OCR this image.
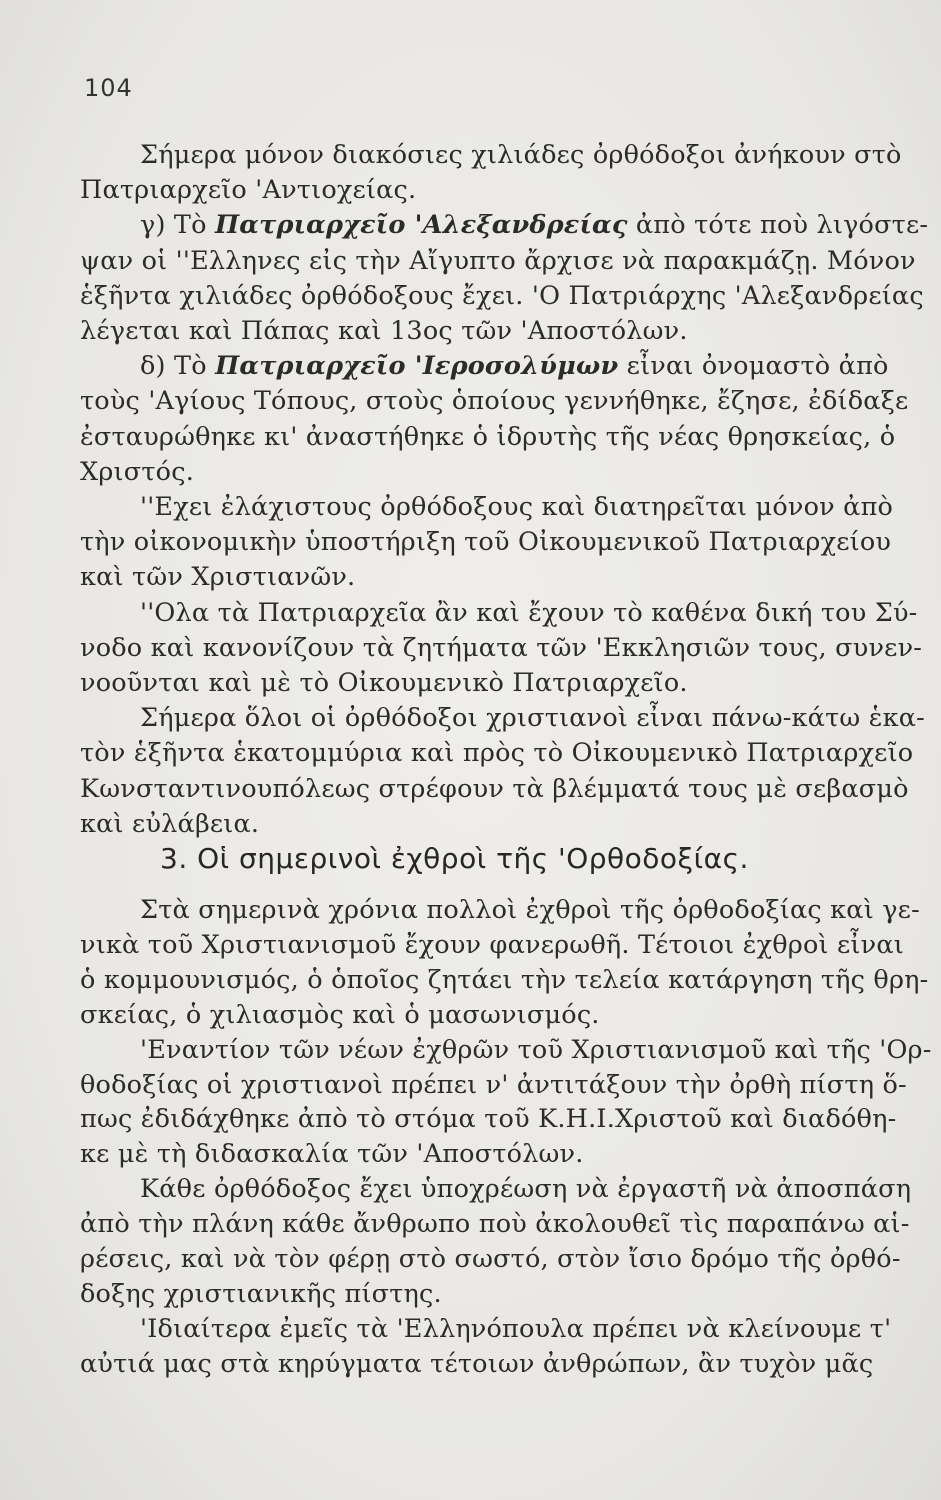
104
Σήμερα μόνον διακόσιες χιλιάδες ὀρθόδοξοι ἀνήκουν στὸ
Πατριαρχεῖο 'Αντιοχείας.
γ) Τὸ Πατριαρχεῖο 'Αλεξανδρείας ἀπὸ τότε ποὺ λιγόστε-
ψαν οἱ ''Ελληνες εἰς τὴν Αἴγυπτο ἄρχισε νὰ παρακμάζῃ. Μόνον
ἑξῆντα χιλιάδες ὀρθόδοξους ἔχει. 'Ο Πατριάρχης 'Αλεξανδρείας
λέγεται καὶ Πάπας καὶ 13ος τῶν 'Αποστόλων.
δ) Τὸ Πατριαρχεῖο 'Ιεροσολύμων εἶναι ὀνομαστὸ ἀπὸ
τοὺς 'Αγίους Τόπους, στοὺς ὁποίους γεννήθηκε, ἔζησε, ἐδίδαξε
ἐσταυρώθηκε κι' ἀναστήθηκε ὁ ἱδρυτὴς τῆς νέας θρησκείας, ὁ
Χριστός.
''Εχει ἐλάχιστους ὀρθόδοξους καὶ διατηρεῖται μόνον ἀπὸ
τὴν οἰκονομικὴν ὑποστήριξη τοῦ Οἰκουμενικοῦ Πατριαρχείου
καὶ τῶν Χριστιανῶν.
''Ολα τὰ Πατριαρχεῖα ἂν καὶ ἔχουν τὸ καθένα δική του Σύ-
νοδο καὶ κανονίζουν τὰ ζητήματα τῶν 'Εκκλησιῶν τους, συνεν-
νοοῦνται καὶ μὲ τὸ Οἰκουμενικὸ Πατριαρχεῖο.
Σήμερα ὅλοι οἱ ὀρθόδοξοι χριστιανοὶ εἶναι πάνω-κάτω ἑκα-
τὸν ἑξῆντα ἑκατομμύρια καὶ πρὸς τὸ Οἰκουμενικὸ Πατριαρχεῖο
Κωνσταντινουπόλεως στρέφουν τὰ βλέμματά τους μὲ σεβασμὸ
καὶ εὐλάβεια.
3. Οἱ σημερινοὶ ἐχθροὶ τῆς 'Ορθοδοξίας.
Στὰ σημερινὰ χρόνια πολλοὶ ἐχθροὶ τῆς ὀρθοδοξίας καὶ γε-
νικὰ τοῦ Χριστιανισμοῦ ἔχουν φανερωθῆ. Τέτοιοι ἐχθροὶ εἶναι
ὁ κομμουνισμός, ὁ ὁποῖος ζητάει τὴν τελεία κατάργηση τῆς θρη-
σκείας, ὁ χιλιασμὸς καὶ ὁ μασωνισμός.
'Εναντίον τῶν νέων ἐχθρῶν τοῦ Χριστιανισμοῦ καὶ τῆς 'Ορ-
θοδοξίας οἱ χριστιανοὶ πρέπει ν' ἀντιτάξουν τὴν ὀρθὴ πίστη ὅ-
πως ἐδιδάχθηκε ἀπὸ τὸ στόμα τοῦ Κ.Η.Ι.Χριστοῦ καὶ διαδόθη-
κε μὲ τὴ διδασκαλία τῶν 'Αποστόλων.
Κάθε ὀρθόδοξος ἔχει ὑποχρέωση νὰ ἐργαστῆ νὰ ἀποσπάση
ἀπὸ τὴν πλάνη κάθε ἄνθρωπο ποὺ ἀκολουθεῖ τὶς παραπάνω αἱ-
ρέσεις, καὶ νὰ τὸν φέρῃ στὸ σωστό, στὸν ἴσιο δρόμο τῆς ὀρθό-
δοξης χριστιανικῆς πίστης.
'Ιδιαίτερα ἐμεῖς τὰ 'Ελληνόπουλα πρέπει νὰ κλείνουμε τ'
αὐτιά μας στὰ κηρύγματα τέτοιων ἀνθρώπων, ἂν τυχὸν μᾶς
